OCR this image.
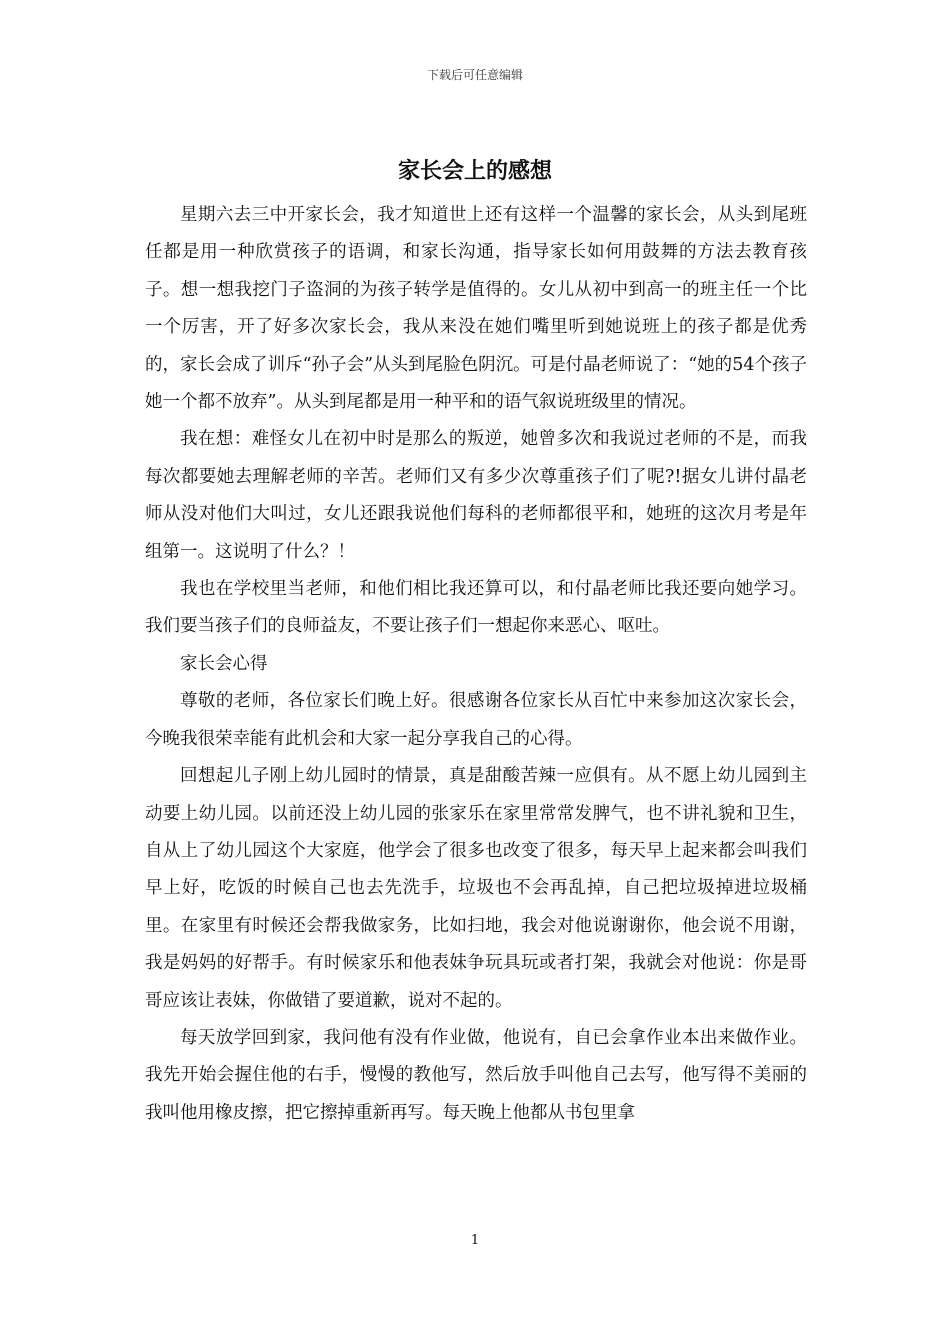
下载后可任意编辑
家长会上的感想

星期六去三中开家长会，我才知道世上还有这样一个温馨的家长会，从头到尾班任都是用一种欣赏孩子的语调，和家长沟通，指导家长如何用鼓舞的方法去教育孩子。想一想我挖门子盗洞的为孩子转学是值得的。女儿从初中到高一的班主任一个比一个厉害，开了好多次家长会，我从来没在她们嘴里听到她说班上的孩子都是优秀的，家长会成了训斥“孙子会”从头到尾脸色阴沉。可是付晶老师说了：“她的54个孩子她一个都不放弃”。从头到尾都是用一种平和的语气叙说班级里的情况。

我在想：难怪女儿在初中时是那么的叛逆，她曾多次和我说过老师的不是，而我每次都要她去理解老师的辛苦。老师们又有多少次尊重孩子们了呢?!据女儿讲付晶老师从没对他们大叫过，女儿还跟我说他们每科的老师都很平和，她班的这次月考是年组第一。这说明了什么？！

我也在学校里当老师，和他们相比我还算可以，和付晶老师比我还要向她学习。我们要当孩子们的良师益友，不要让孩子们一想起你来恶心、呕吐。

家长会心得

尊敬的老师，各位家长们晚上好。很感谢各位家长从百忙中来参加这次家长会，今晚我很荣幸能有此机会和大家一起分享我自己的心得。

回想起儿子刚上幼儿园时的情景，真是甜酸苦辣一应俱有。从不愿上幼儿园到主动要上幼儿园。以前还没上幼儿园的张家乐在家里常常发脾气，也不讲礼貌和卫生，自从上了幼儿园这个大家庭，他学会了很多也改变了很多，每天早上起来都会叫我们早上好，吃饭的时候自己也去先洗手，垃圾也不会再乱掉，自己把垃圾掉进垃圾桶里。在家里有时候还会帮我做家务，比如扫地，我会对他说谢谢你，他会说不用谢，我是妈妈的好帮手。有时候家乐和他表妹争玩具玩或者打架，我就会对他说：你是哥哥应该让表妹，你做错了要道歉，说对不起的。

每天放学回到家，我问他有没有作业做，他说有，自已会拿作业本出来做作业。我先开始会握住他的右手，慢慢的教他写，然后放手叫他自己去写，他写得不美丽的我叫他用橡皮擦，把它擦掉重新再写。每天晚上他都从书包里拿

1
